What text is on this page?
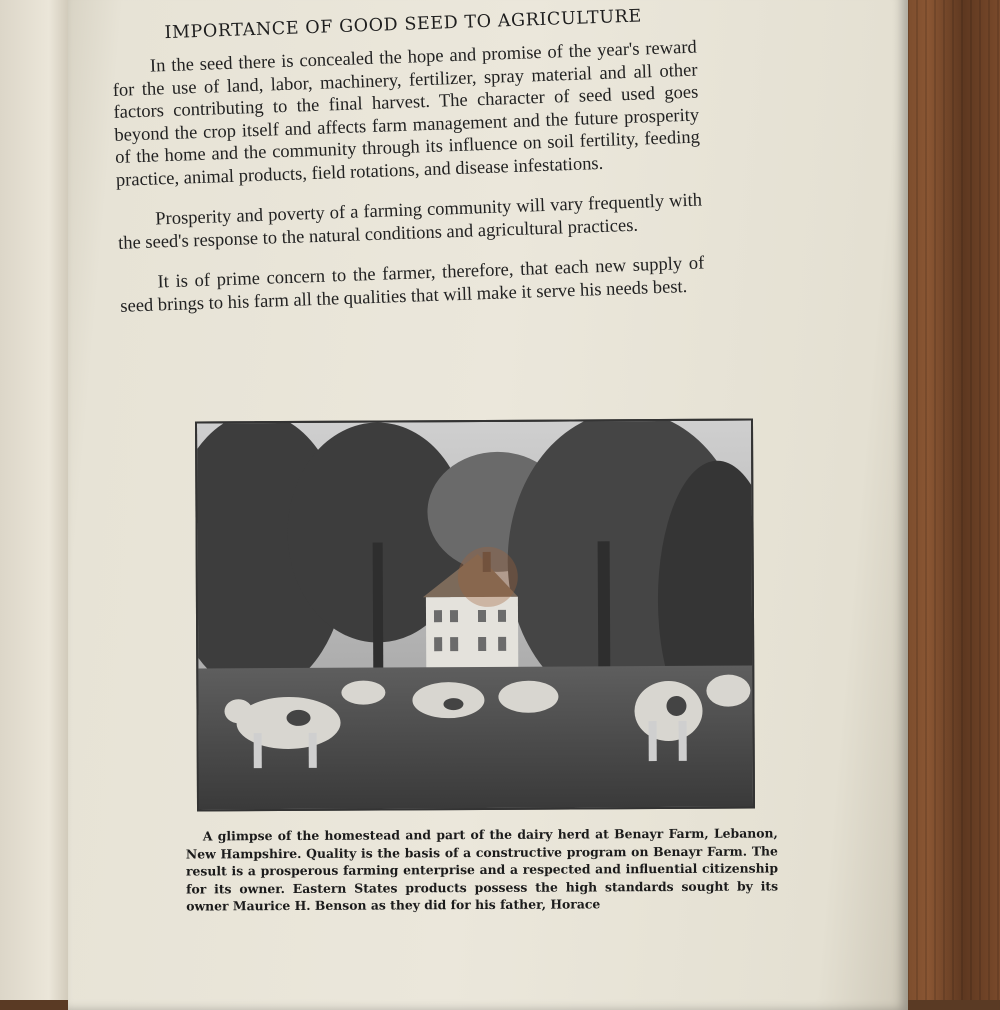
IMPORTANCE OF GOOD SEED TO AGRICULTURE

In the seed there is concealed the hope and promise of the year's reward for the use of land, labor, machinery, fertilizer, spray material and all other factors contributing to the final harvest. The character of seed used goes beyond the crop itself and affects farm management and the future prosperity of the home and the community through its influence on soil fertility, feeding practice, animal products, field rotations, and disease infestations.

Prosperity and poverty of a farming community will vary frequently with the seed's response to the natural conditions and agricultural practices.

It is of prime concern to the farmer, therefore, that each new supply of seed brings to his farm all the qualities that will make it serve his needs best.

A glimpse of the homestead and part of the dairy herd at Benayr Farm, Lebanon, New Hampshire. Quality is the basis of a constructive program on Benayr Farm. The result is a prosperous farming enterprise and a respected and influential citizenship for its owner. Eastern States products possess the high standards sought by its owner Maurice H. Benson as they did for his father, Horace
